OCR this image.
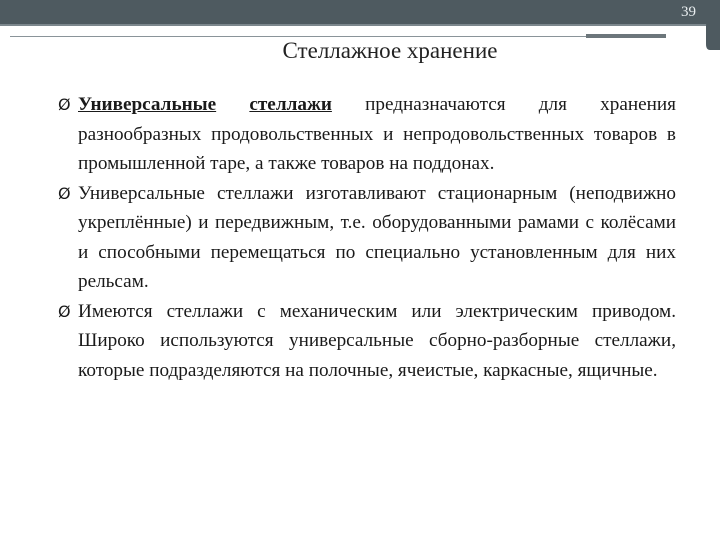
39
Стеллажное хранение
Ø Универсальные стеллажи предназначаются для хранения разнообразных продовольственных и непродовольственных товаров в промышленной таре, а также товаров на поддонах.
Ø Универсальные стеллажи изготавливают стационарным (неподвижно укреплённые) и передвижным, т.е. оборудованными рамами с колёсами и способными перемещаться по специально установленным для них рельсам.
Ø Имеются стеллажи с механическим или электрическим приводом. Широко используются универсальные сборно-разборные стеллажи, которые подразделяются на полочные, ячеистые, каркасные, ящичные.
